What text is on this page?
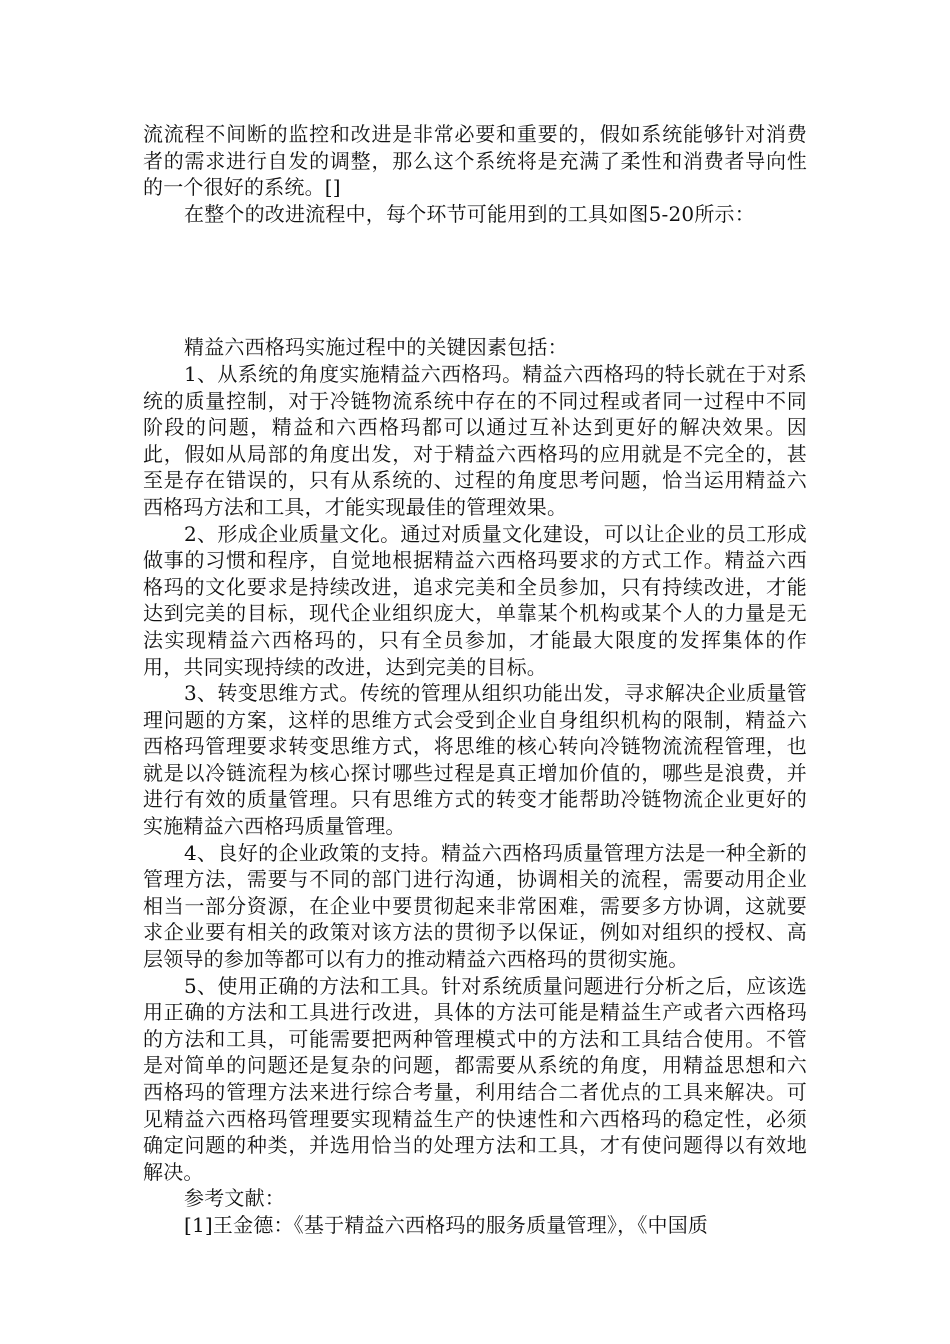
流流程不间断的监控和改进是非常必要和重要的，假如系统能够针对消费者的需求进行自发的调整，那么这个系统将是充满了柔性和消费者导向性的一个很好的系统。[]

在整个的改进流程中，每个环节可能用到的工具如图5-20所示：

精益六西格玛实施过程中的关键因素包括：

1、从系统的角度实施精益六西格玛。精益六西格玛的特长就在于对系统的质量控制，对于冷链物流系统中存在的不同过程或者同一过程中不同阶段的问题，精益和六西格玛都可以通过互补达到更好的解决效果。因此，假如从局部的角度出发，对于精益六西格玛的应用就是不完全的，甚至是存在错误的，只有从系统的、过程的角度思考问题，恰当运用精益六西格玛方法和工具，才能实现最佳的管理效果。

2、形成企业质量文化。通过对质量文化建设，可以让企业的员工形成做事的习惯和程序，自觉地根据精益六西格玛要求的方式工作。精益六西格玛的文化要求是持续改进，追求完美和全员参加，只有持续改进，才能达到完美的目标，现代企业组织庞大，单靠某个机构或某个人的力量是无法实现精益六西格玛的，只有全员参加，才能最大限度的发挥集体的作用，共同实现持续的改进，达到完美的目标。

3、转变思维方式。传统的管理从组织功能出发，寻求解决企业质量管理问题的方案，这样的思维方式会受到企业自身组织机构的限制，精益六西格玛管理要求转变思维方式，将思维的核心转向冷链物流流程管理，也就是以冷链流程为核心探讨哪些过程是真正增加价值的，哪些是浪费，并进行有效的质量管理。只有思维方式的转变才能帮助冷链物流企业更好的实施精益六西格玛质量管理。

4、良好的企业政策的支持。精益六西格玛质量管理方法是一种全新的管理方法，需要与不同的部门进行沟通，协调相关的流程，需要动用企业相当一部分资源，在企业中要贯彻起来非常困难，需要多方协调，这就要求企业要有相关的政策对该方法的贯彻予以保证，例如对组织的授权、高层领导的参加等都可以有力的推动精益六西格玛的贯彻实施。

5、使用正确的方法和工具。针对系统质量问题进行分析之后，应该选用正确的方法和工具进行改进，具体的方法可能是精益生产或者六西格玛的方法和工具，可能需要把两种管理模式中的方法和工具结合使用。不管是对简单的问题还是复杂的问题，都需要从系统的角度，用精益思想和六西格玛的管理方法来进行综合考量，利用结合二者优点的工具来解决。可见精益六西格玛管理要实现精益生产的快速性和六西格玛的稳定性，必须确定问题的种类，并选用恰当的处理方法和工具，才有使问题得以有效地解决。

参考文献：

[1]王金德：《基于精益六西格玛的服务质量管理》，《中国质
